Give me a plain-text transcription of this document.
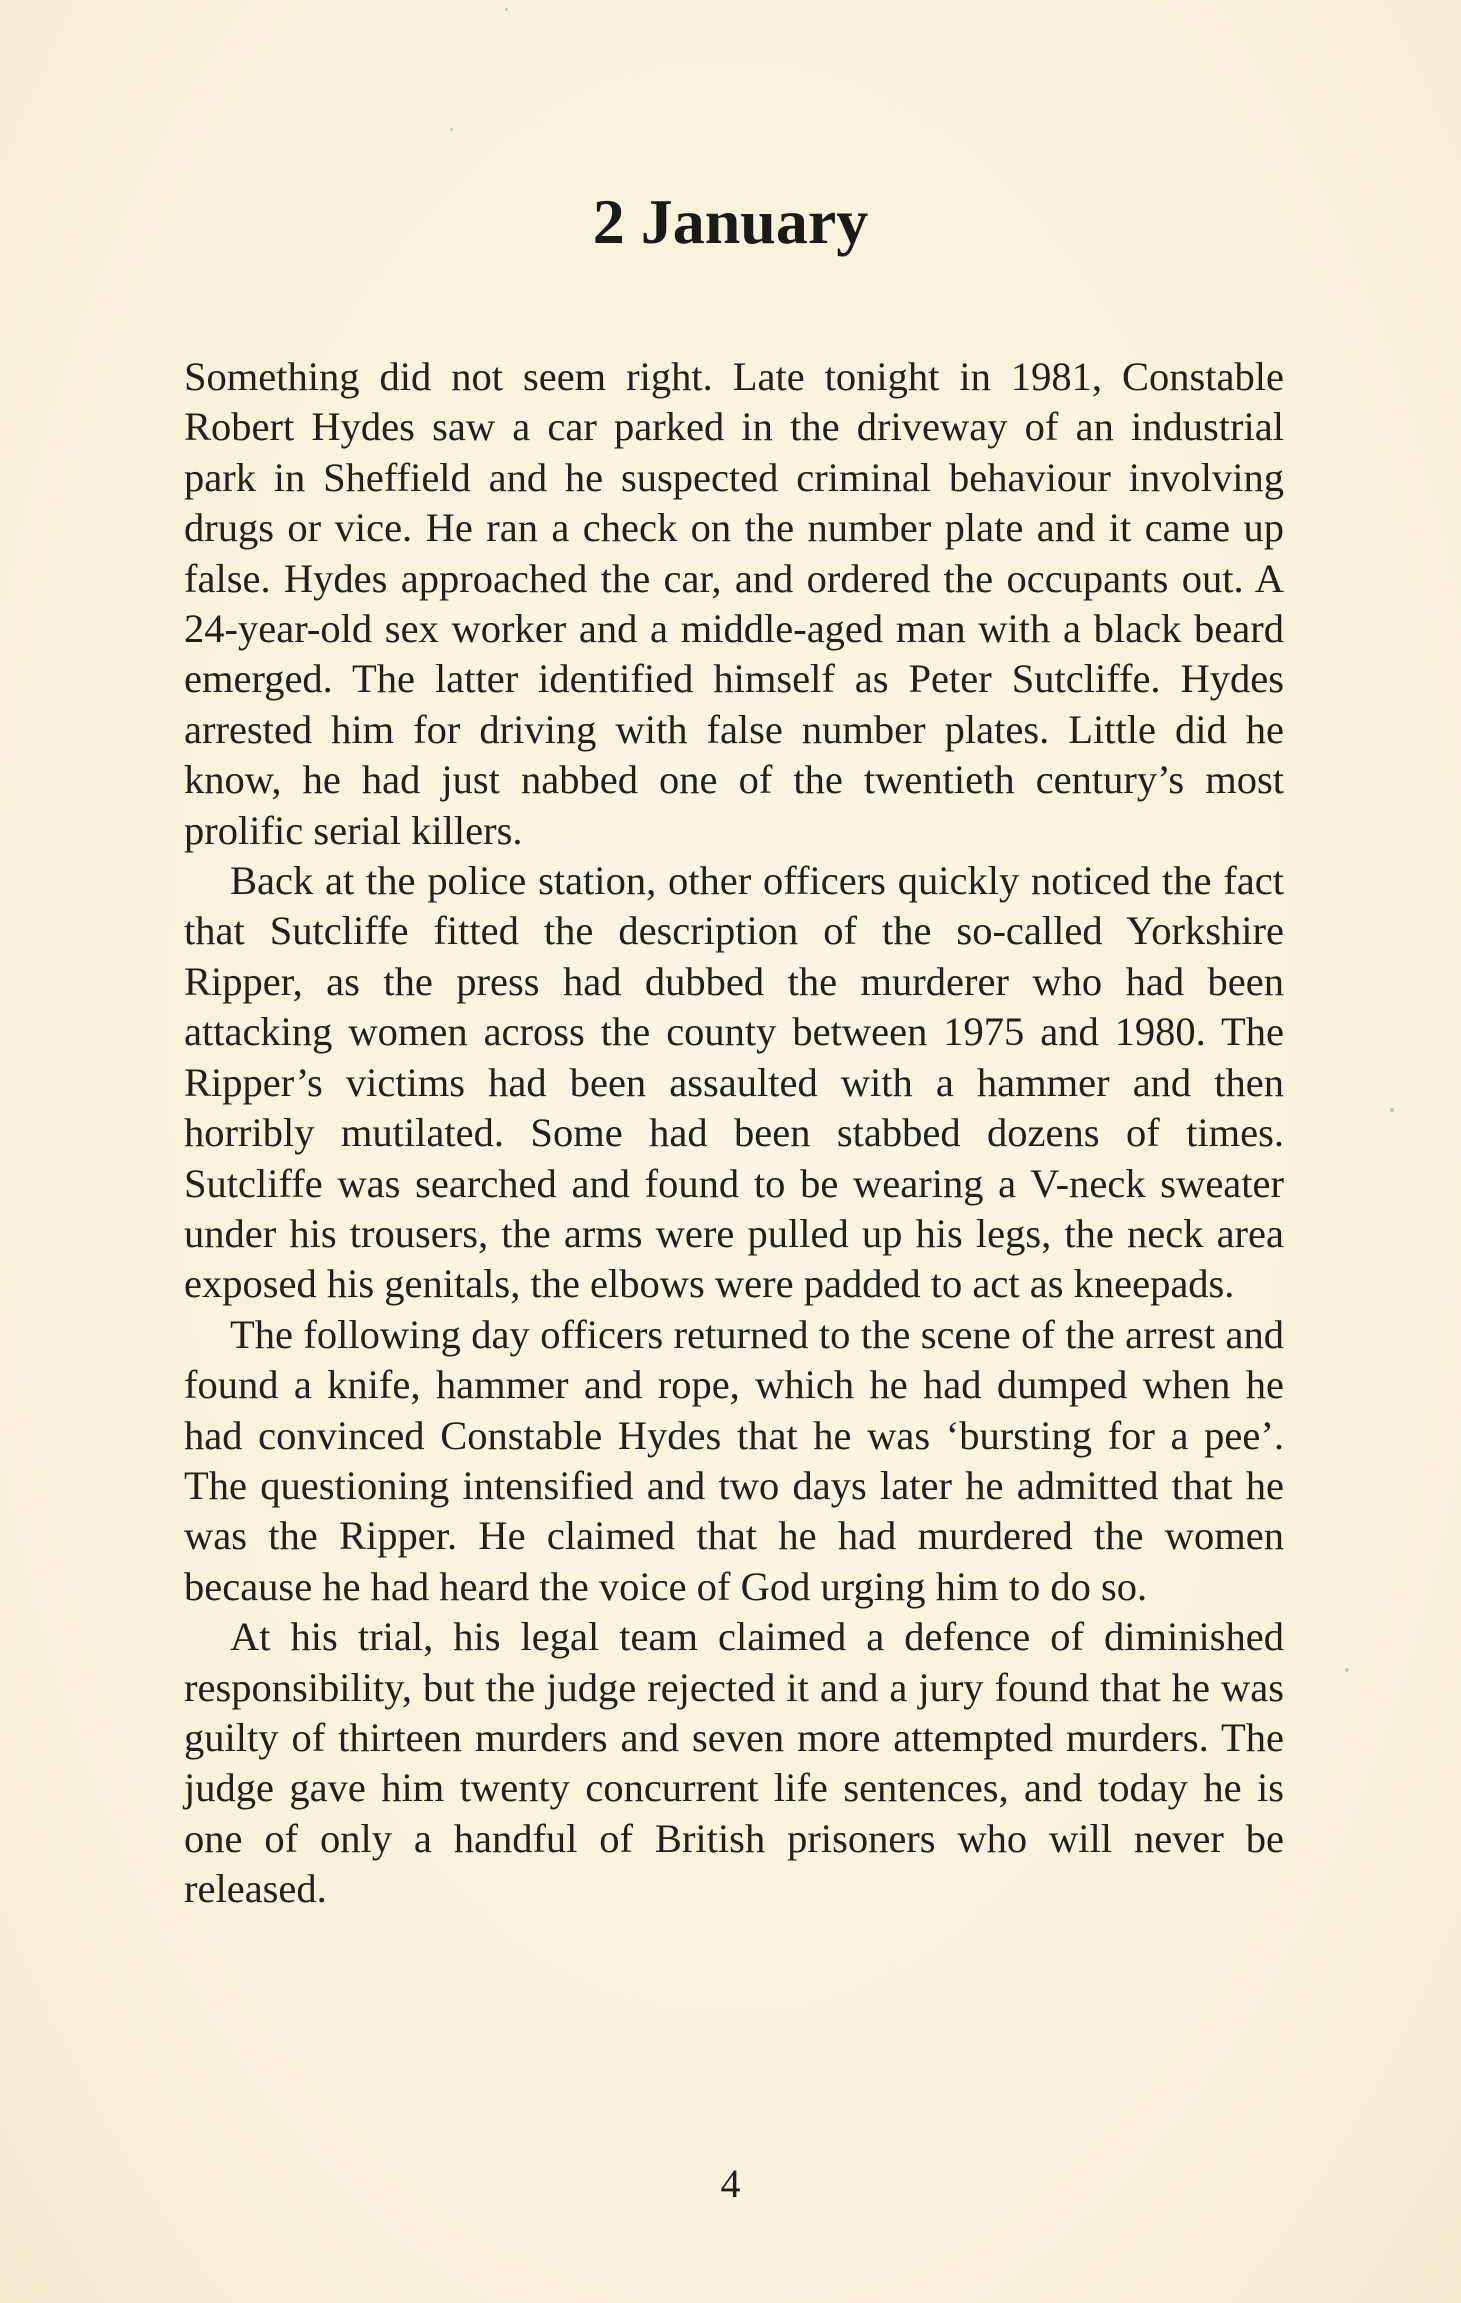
2 January

Something did not seem right. Late tonight in 1981, Constable Robert Hydes saw a car parked in the driveway of an industrial park in Sheffield and he suspected criminal behaviour involving drugs or vice. He ran a check on the number plate and it came up false. Hydes approached the car, and ordered the occupants out. A 24-year-old sex worker and a middle-aged man with a black beard emerged. The latter identified himself as Peter Sutcliffe. Hydes arrested him for driving with false number plates. Little did he know, he had just nabbed one of the twentieth century’s most prolific serial killers.

Back at the police station, other officers quickly noticed the fact that Sutcliffe fitted the description of the so-called Yorkshire Ripper, as the press had dubbed the murderer who had been attacking women across the county between 1975 and 1980. The Ripper’s victims had been assaulted with a hammer and then horribly mutilated. Some had been stabbed dozens of times. Sutcliffe was searched and found to be wearing a V-neck sweater under his trousers, the arms were pulled up his legs, the neck area exposed his genitals, the elbows were padded to act as kneepads.

The following day officers returned to the scene of the arrest and found a knife, hammer and rope, which he had dumped when he had convinced Constable Hydes that he was ‘bursting for a pee’. The questioning intensified and two days later he admitted that he was the Ripper. He claimed that he had murdered the women because he had heard the voice of God urging him to do so.

At his trial, his legal team claimed a defence of diminished responsibility, but the judge rejected it and a jury found that he was guilty of thirteen murders and seven more attempted murders. The judge gave him twenty concurrent life sentences, and today he is one of only a handful of British prisoners who will never be released.

4
